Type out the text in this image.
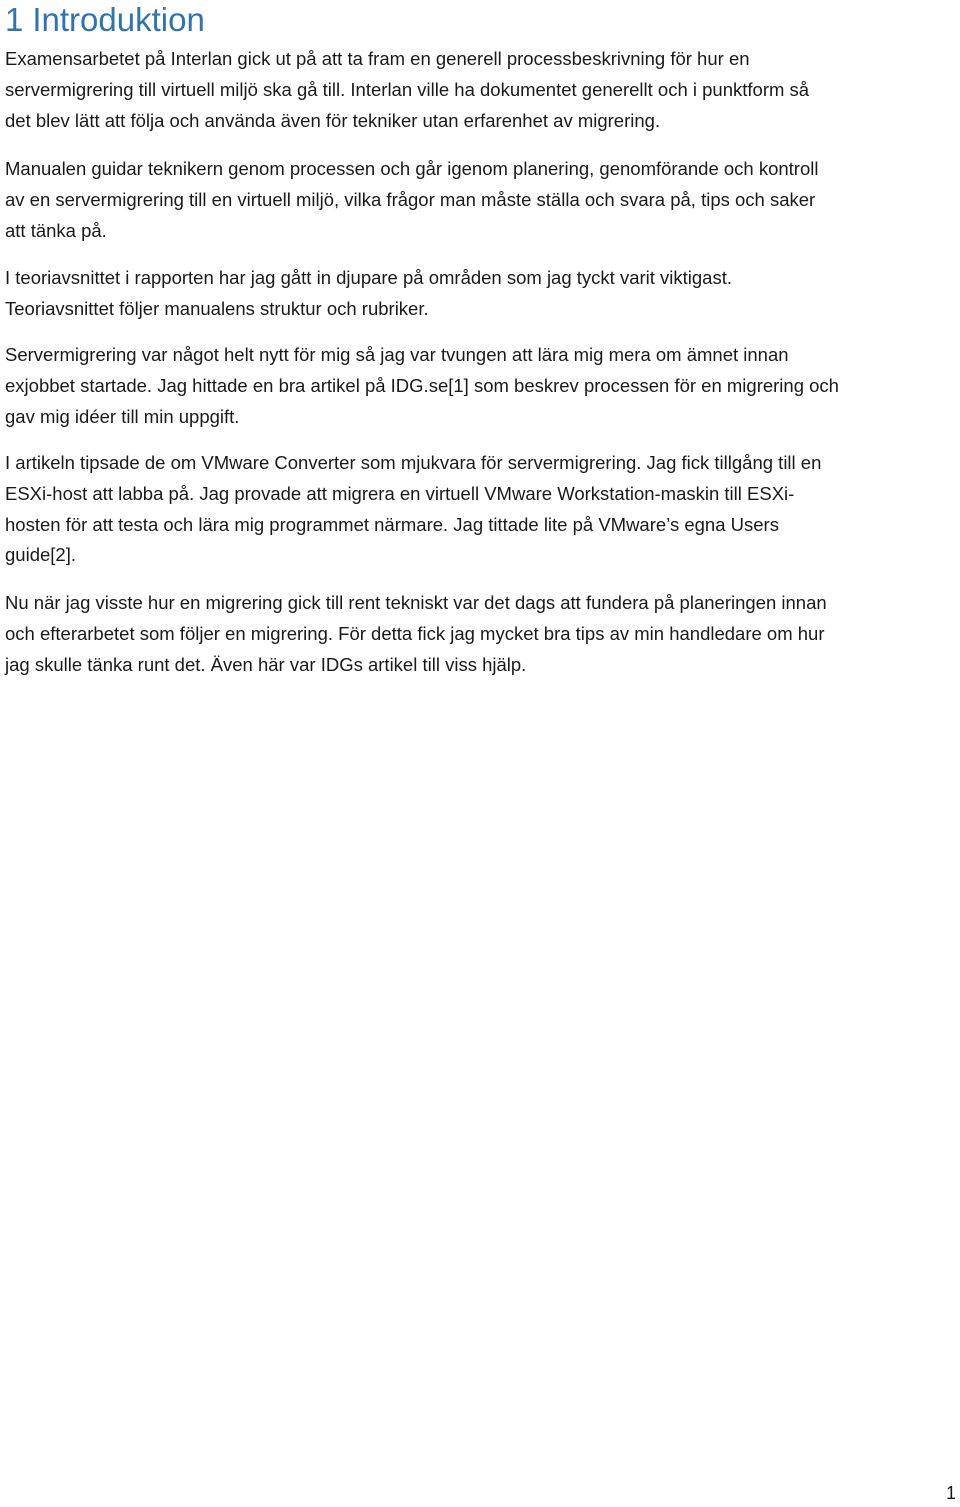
1 Introduktion

Examensarbetet på Interlan gick ut på att ta fram en generell processbeskrivning för hur en
servermigrering till virtuell miljö ska gå till. Interlan ville ha dokumentet generellt och i punktform så
det blev lätt att följa och använda även för tekniker utan erfarenhet av migrering.

Manualen guidar teknikern genom processen och går igenom planering, genomförande och kontroll
av en servermigrering till en virtuell miljö, vilka frågor man måste ställa och svara på, tips och saker
att tänka på.

I teoriavsnittet i rapporten har jag gått in djupare på områden som jag tyckt varit viktigast.
Teoriavsnittet följer manualens struktur och rubriker.

Servermigrering var något helt nytt för mig så jag var tvungen att lära mig mera om ämnet innan
exjobbet startade. Jag hittade en bra artikel på IDG.se[1] som beskrev processen för en migrering och
gav mig idéer till min uppgift.

I artikeln tipsade de om VMware Converter som mjukvara för servermigrering. Jag fick tillgång till en
ESXi-host att labba på. Jag provade att migrera en virtuell VMware Workstation-maskin till ESXi-
hosten för att testa och lära mig programmet närmare. Jag tittade lite på VMware’s egna Users
guide[2].

Nu när jag visste hur en migrering gick till rent tekniskt var det dags att fundera på planeringen innan
och efterarbetet som följer en migrering. För detta fick jag mycket bra tips av min handledare om hur
jag skulle tänka runt det. Även här var IDGs artikel till viss hjälp.

1
